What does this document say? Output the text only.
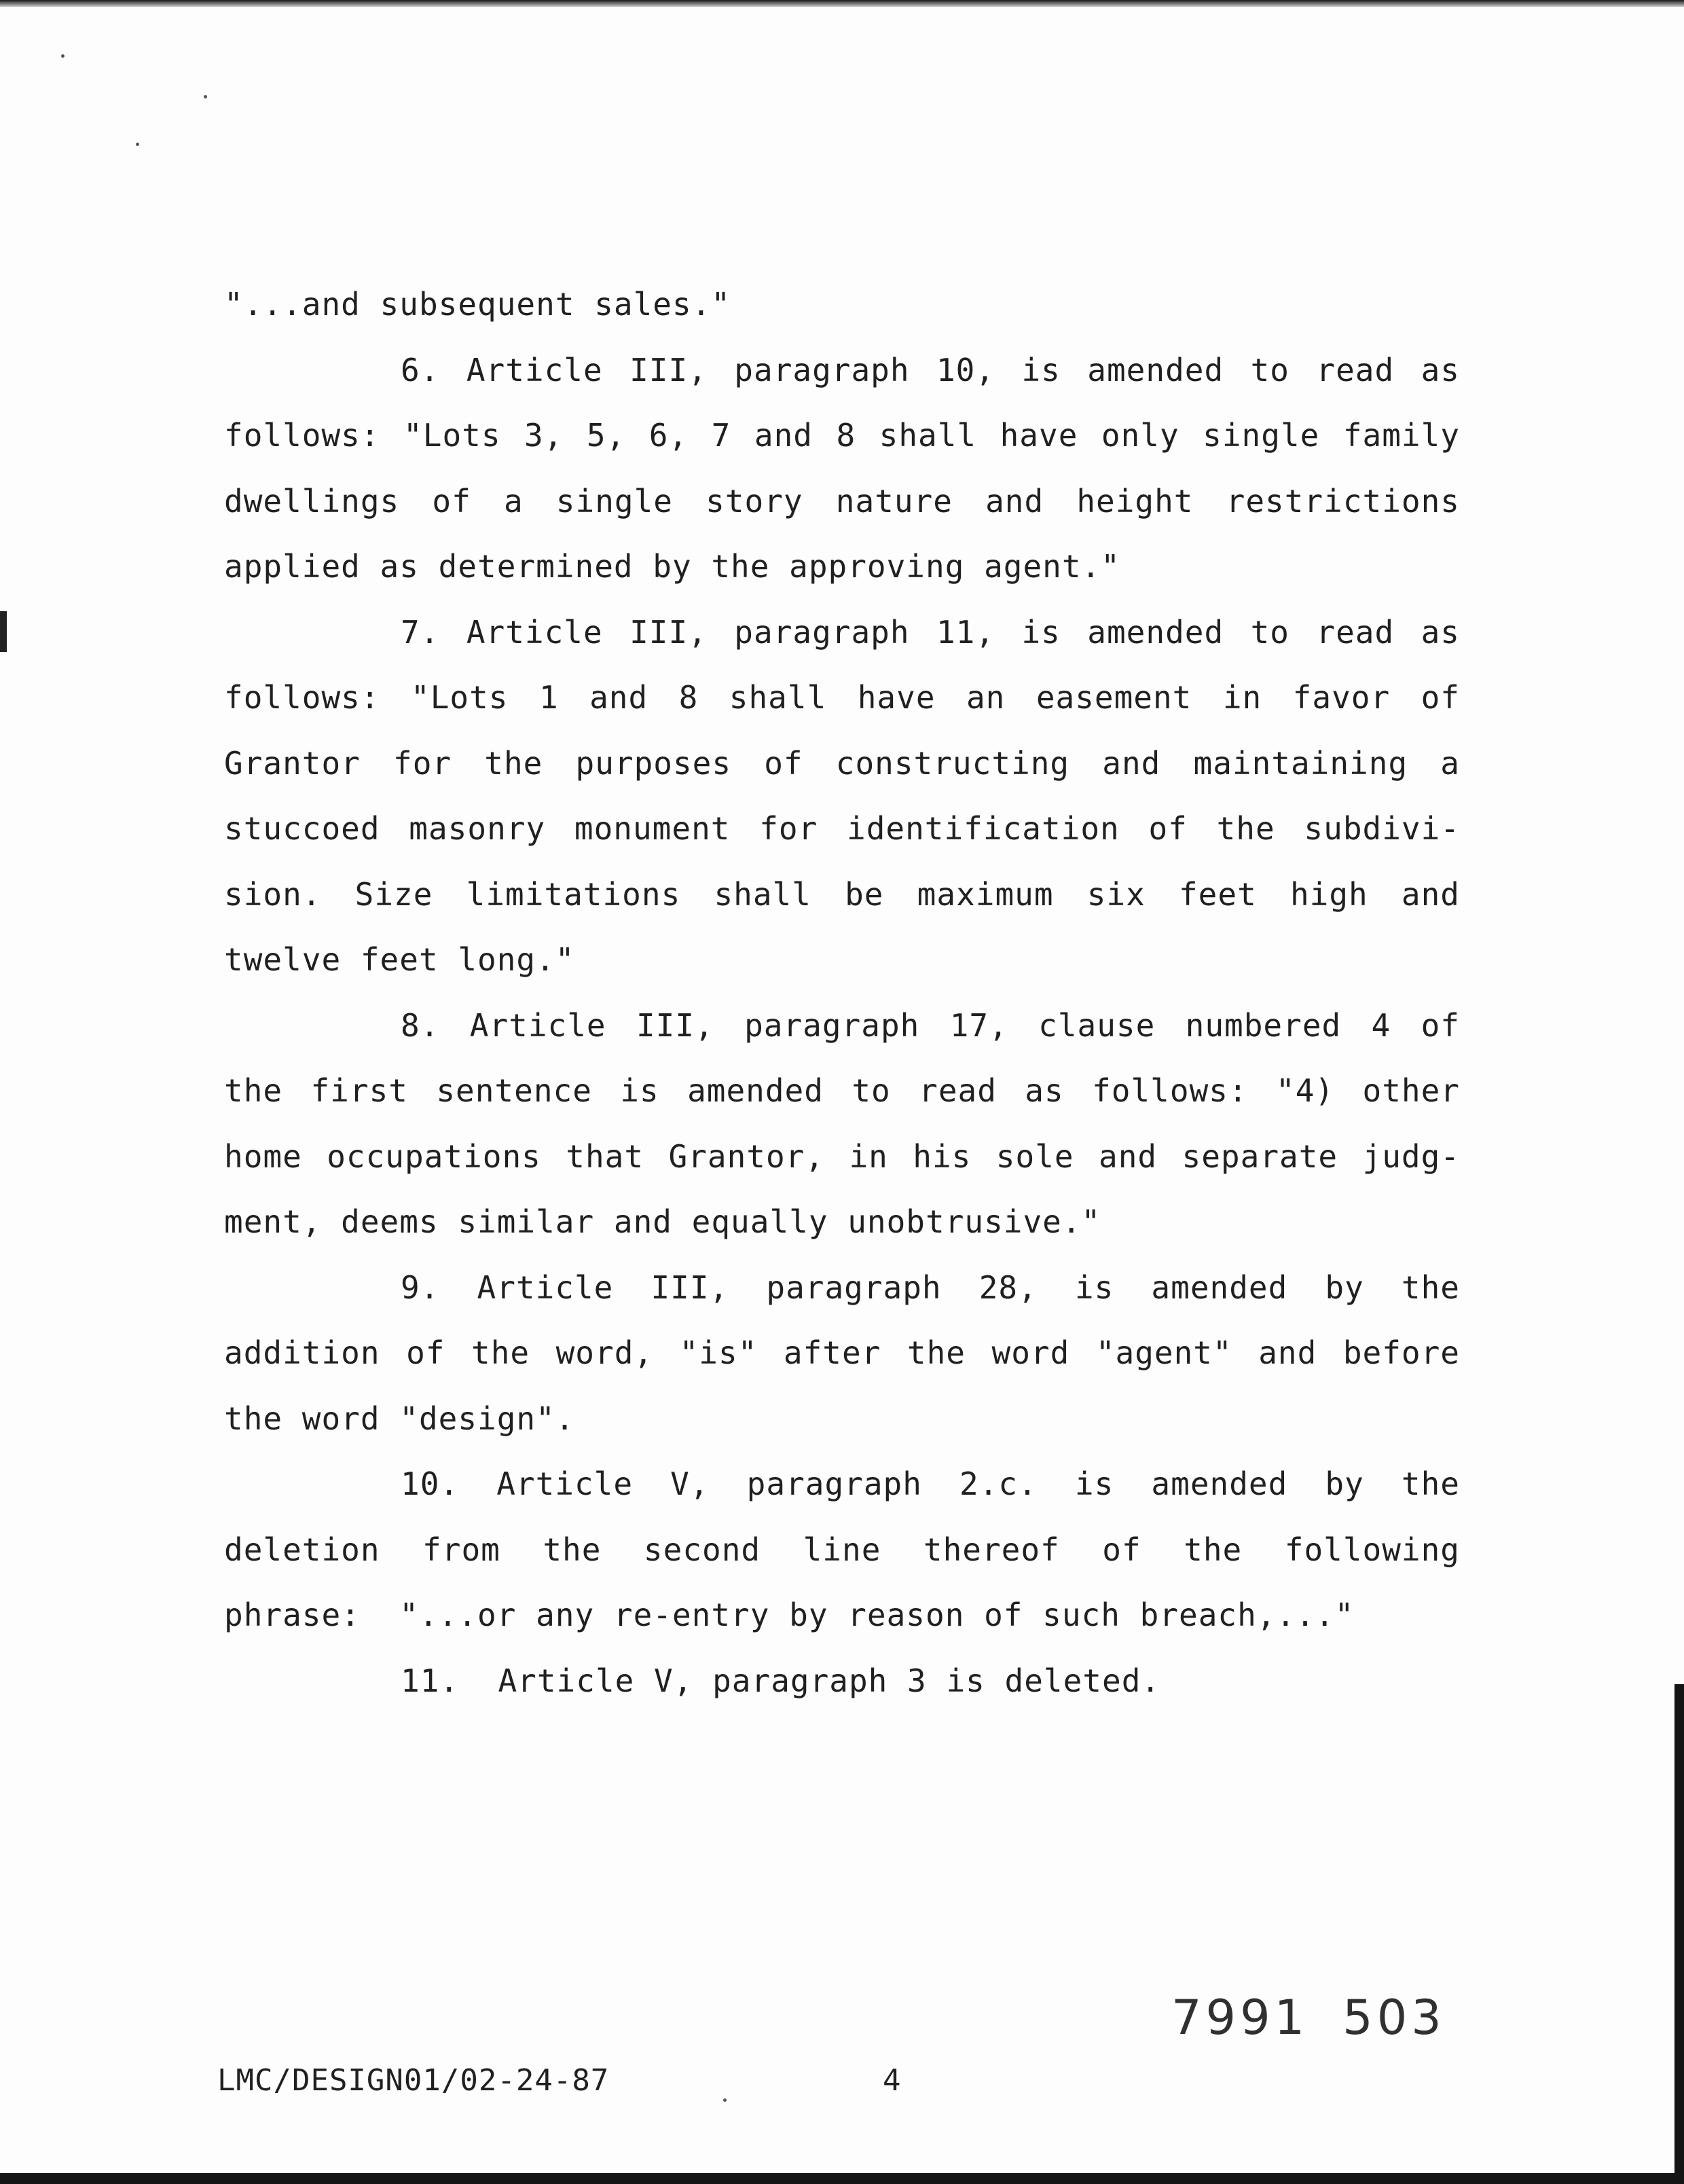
"...and subsequent sales."
6. Article III, paragraph 10, is amended to read as
follows: "Lots 3, 5, 6, 7 and 8 shall have only single family
dwellings of a single story nature and height restrictions
applied as determined by the approving agent."
7. Article III, paragraph 11, is amended to read as
follows: "Lots 1 and 8 shall have an easement in favor of
Grantor for the purposes of constructing and maintaining a
stuccoed masonry monument for identification of the subdivi-
sion. Size limitations shall be maximum six feet high and
twelve feet long."
8. Article III, paragraph 17, clause numbered 4 of
the first sentence is amended to read as follows: "4) other
home occupations that Grantor, in his sole and separate judg-
ment, deems similar and equally unobtrusive."
9. Article III, paragraph 28, is amended by the
addition of the word, "is" after the word "agent" and before
the word "design".
10. Article V, paragraph 2.c. is amended by the
deletion from the second line thereof of the following
phrase:  "...or any re-entry by reason of such breach,..."
11.  Article V, paragraph 3 is deleted.
7991 503
LMC/DESIGN01/02-24-87	4
